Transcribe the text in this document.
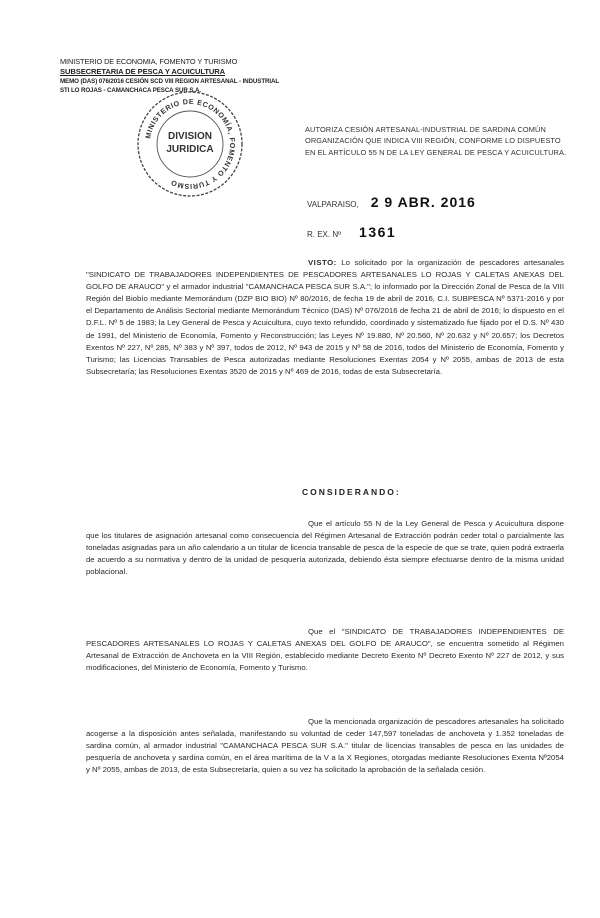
MINISTERIO DE ECONOMIA, FOMENTO Y TURISMO
SUBSECRETARIA DE PESCA Y ACUICULTURA
MEMO (DAS) 076/2016 CESIÓN SCD VIII REGION ARTESANAL - INDUSTRIAL
STI LO ROJAS - CAMANCHACA PESCA SUR S.A.
MINISTERIO DE ECONOMÍA, FOMENTO Y TURISMO
DIVISION
JURIDICA
AUTORIZA CESIÓN ARTESANAL-INDUSTRIAL DE SARDINA COMÚN ORGANIZACIÓN QUE INDICA VIII REGIÓN, CONFORME LO DISPUESTO EN EL ARTÍCULO 55 N DE LA LEY GENERAL DE PESCA Y ACUICULTURA.
VALPARAISO, 2 9 ABR. 2016
R. EX. Nº 1361

VISTO: Lo solicitado por la organización de pescadores artesanales "SINDICATO DE TRABAJADORES INDEPENDIENTES DE PESCADORES ARTESANALES LO ROJAS Y CALETAS ANEXAS DEL GOLFO DE ARAUCO" y el armador industrial "CAMANCHACA PESCA SUR S.A."; lo informado por la Dirección Zonal de Pesca de la VIII Región del Biobío mediante Memorándum (DZP BIO BIO) Nº 80/2016, de fecha 19 de abril de 2016, C.I. SUBPESCA Nº 5371-2016 y por el Departamento de Análisis Sectorial mediante Memorándum Técnico (DAS) Nº 076/2016 de fecha 21 de abril de 2016; lo dispuesto en el D.F.L. Nº 5 de 1983; la Ley General de Pesca y Acuicultura, cuyo texto refundido, coordinado y sistematizado fue fijado por el D.S. Nº 430 de 1991, del Ministerio de Economía, Fomento y Reconstrucción; las Leyes Nº 19.880, Nº 20.560, Nº 20.632 y Nº 20.657; los Decretos Exentos Nº 227, Nº 285, Nº 383 y Nº 397, todos de 2012, Nº 943 de 2015 y Nº 58 de 2016, todos del Ministerio de Economía, Fomento y Turismo; las Licencias Transables de Pesca autorizadas mediante Resoluciones Exentas 2054 y Nº 2055, ambas de 2013 de esta Subsecretaría; las Resoluciones Exentas 3520 de 2015 y Nº 469 de 2016, todas de esta Subsecretaría.

CONSIDERANDO:

Que el artículo 55 N de la Ley General de Pesca y Acuicultura dispone que los titulares de asignación artesanal como consecuencia del Régimen Artesanal de Extracción podrán ceder total o parcialmente las toneladas asignadas para un año calendario a un titular de licencia transable de pesca de la especie de que se trate, quien podrá extraerla de acuerdo a su normativa y dentro de la unidad de pesquería autorizada, debiendo ésta siempre efectuarse dentro de la misma unidad poblacional.

Que el "SINDICATO DE TRABAJADORES INDEPENDIENTES DE PESCADORES ARTESANALES LO ROJAS Y CALETAS ANEXAS DEL GOLFO DE ARAUCO", se encuentra sometido al Régimen Artesanal de Extracción de Anchoveta en la VIII Región, establecido mediante Decreto Exento Nº Decreto Exento Nº 227 de 2012, y sus modificaciones, del Ministerio de Economía, Fomento y Turismo.

Que la mencionada organización de pescadores artesanales ha solicitado acogerse a la disposición antes señalada, manifestando su voluntad de ceder 147,597 toneladas de anchoveta y 1.352 toneladas de sardina común, al armador industrial "CAMANCHACA PESCA SUR S.A." titular de licencias transables de pesca en las unidades de pesquería de anchoveta y sardina común, en el área marítima de la V a la X Regiones, otorgadas mediante Resoluciones Exenta Nº2054 y Nº 2055, ambas de 2013, de esta Subsecretaría, quien a su vez ha solicitado la aprobación de la señalada cesión.
